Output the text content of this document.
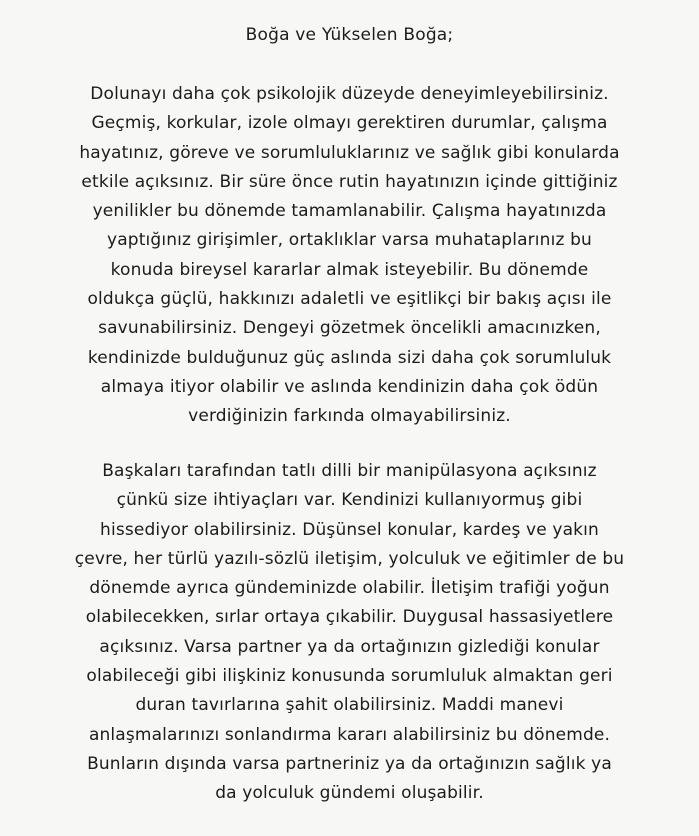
Boğa ve Yükselen Boğa;
Dolunayı daha çok psikolojik düzeyde deneyimleyebilirsiniz.
Geçmiş, korkular, izole olmayı gerektiren durumlar, çalışma
hayatınız, göreve ve sorumluluklarınız ve sağlık gibi konularda
etkile açıksınız. Bir süre önce rutin hayatınızın içinde gittiğiniz
yenilikler bu dönemde tamamlanabilir. Çalışma hayatınızda
yaptığınız girişimler, ortaklıklar varsa muhataplarınız bu
konuda bireysel kararlar almak isteyebilir. Bu dönemde
oldukça güçlü, hakkınızı adaletli ve eşitlikçi bir bakış açısı ile
savunabilirsiniz. Dengeyi gözetmek öncelikli amacınızken,
kendinizde bulduğunuz güç aslında sizi daha çok sorumluluk
almaya itiyor olabilir ve aslında kendinizin daha çok ödün
verdiğinizin farkında olmayabilirsiniz.
Başkaları tarafından tatlı dilli bir manipülasyona açıksınız
çünkü size ihtiyaçları var. Kendinizi kullanıyormuş gibi
hissediyor olabilirsiniz. Düşünsel konular, kardeş ve yakın
çevre, her türlü yazılı-sözlü iletişim, yolculuk ve eğitimler de bu
dönemde ayrıca gündeminizde olabilir. İletişim trafiği yoğun
olabilecekken, sırlar ortaya çıkabilir. Duygusal hassasiyetlere
açıksınız. Varsa partner ya da ortağınızın gizlediği konular
olabileceği gibi ilişkiniz konusunda sorumluluk almaktan geri
duran tavırlarına şahit olabilirsiniz. Maddi manevi
anlaşmalarınızı sonlandırma kararı alabilirsiniz bu dönemde.
Bunların dışında varsa partneriniz ya da ortağınızın sağlık ya
da yolculuk gündemi oluşabilir.
